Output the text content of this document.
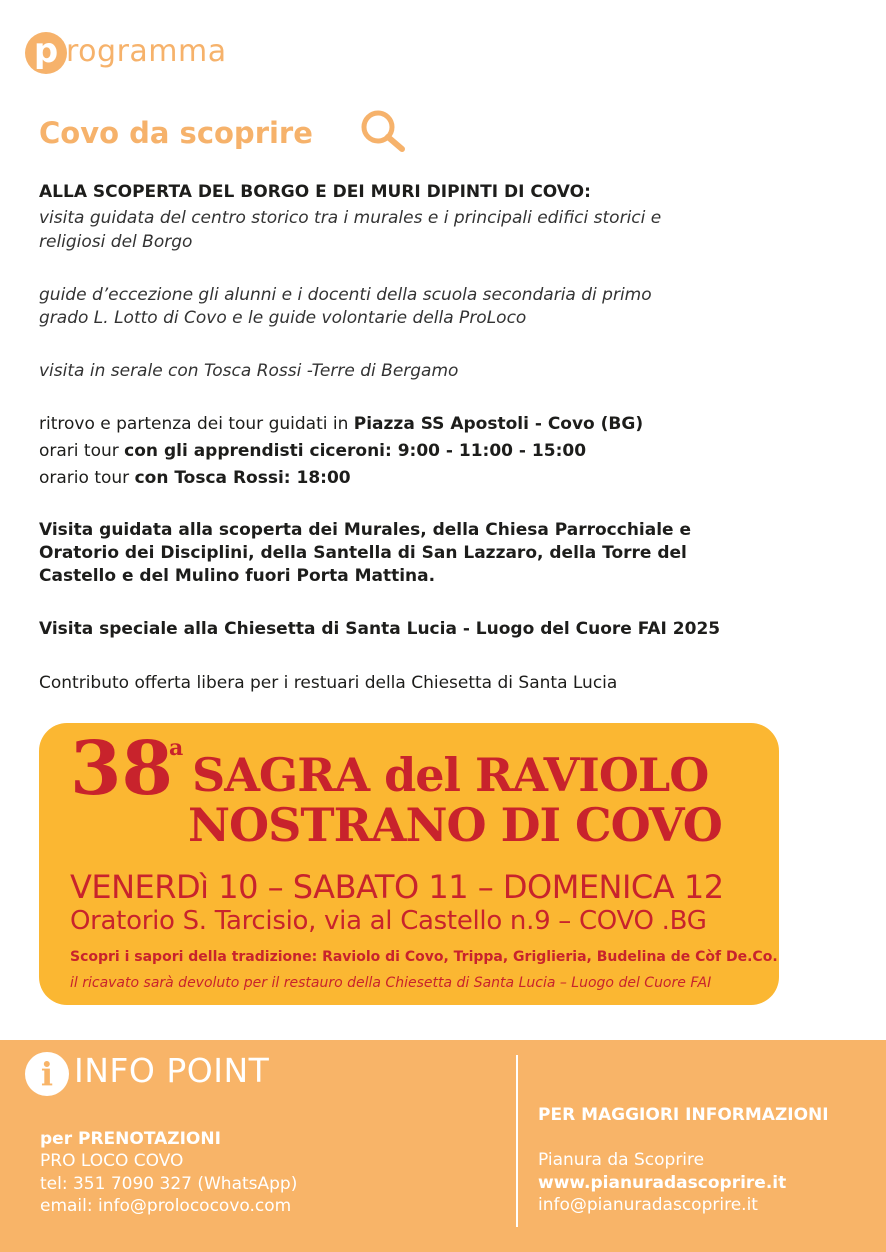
p rogramma
Covo da scoprire
ALLA SCOPERTA DEL BORGO E DEI MURI DIPINTI DI COVO:
visita guidata del centro storico tra i murales e i principali edifici storici e
religiosi del Borgo
guide d’eccezione gli alunni e i docenti della scuola secondaria di primo
grado L. Lotto di Covo e le guide volontarie della ProLoco
visita in serale con Tosca Rossi -Terre di Bergamo
ritrovo e partenza dei tour guidati in Piazza SS Apostoli - Covo (BG)
orari tour con gli apprendisti ciceroni: 9:00 - 11:00 - 15:00
orario tour con Tosca Rossi: 18:00
Visita guidata alla scoperta dei Murales, della Chiesa Parrocchiale e
Oratorio dei Disciplini, della Santella di San Lazzaro, della Torre del
Castello e del Mulino fuori Porta Mattina.
Visita speciale alla Chiesetta di Santa Lucia - Luogo del Cuore FAI 2025
Contributo offerta libera per i restuari della Chiesetta di Santa Lucia
38
a SAGRA del RAVIOLO
NOSTRANO DI COVO
VENERDì 10 – SABATO 11 – DOMENICA 12
Oratorio S. Tarcisio, via al Castello n.9 – COVO .BG
Scopri i sapori della tradizione: Raviolo di Covo, Trippa, Griglieria, Budelina de Còf De.Co.
il ricavato sarà devoluto per il restauro della Chiesetta di Santa Lucia – Luogo del Cuore FAI
i INFO POINT
per PRENOTAZIONI
PRO LOCO COVO
tel: 351 7090 327 (WhatsApp)
email: info@prolococovo.com
PER MAGGIORI INFORMAZIONI
Pianura da Scoprire
www.pianuradascoprire.it
info@pianuradascoprire.it
